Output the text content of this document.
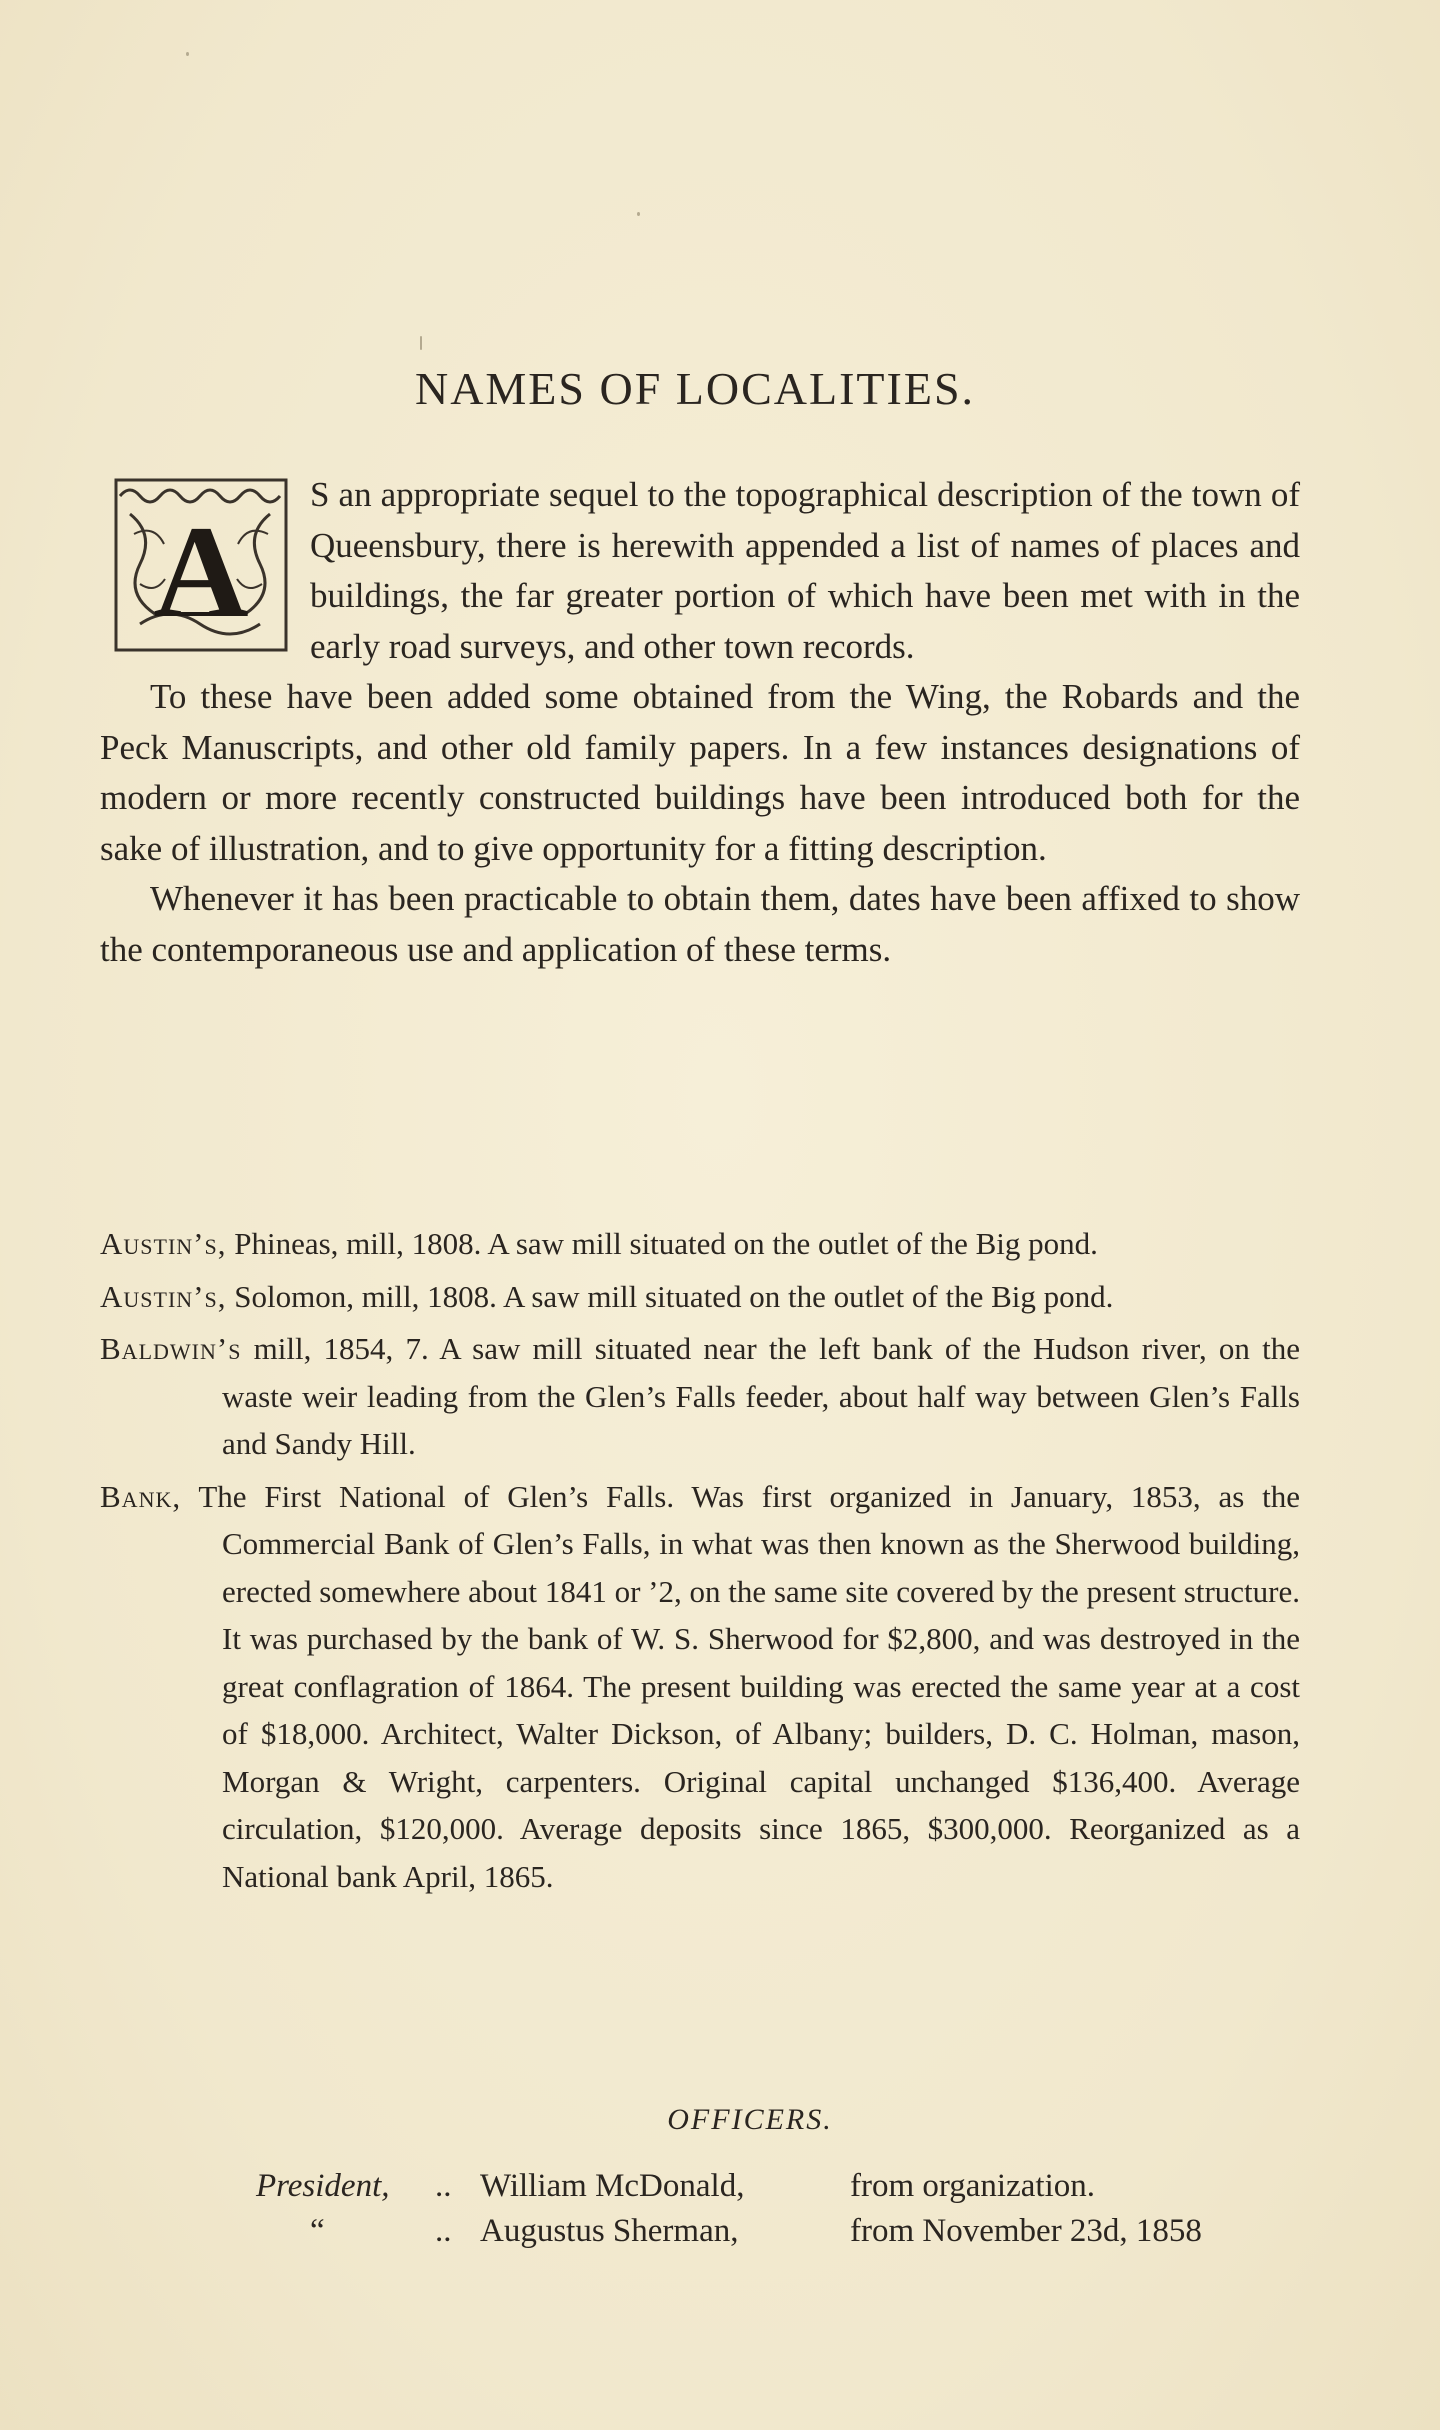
NAMES OF LOCALITIES.

A
S an appropriate sequel to the topographical description of the town of Queensbury, there is herewith appended a list of names of places and buildings, the far greater portion of which have been met with in the early road surveys, and other town records.

To these have been added some obtained from the Wing, the Robards and the Peck Manuscripts, and other old family papers. In a few instances designations of modern or more recently constructed buildings have been introduced both for the sake of illustration, and to give opportunity for a fitting description.

Whenever it has been practicable to obtain them, dates have been affixed to show the contemporaneous use and application of these terms.

Austin’s, Phineas, mill, 1808. A saw mill situated on the outlet of the Big pond.

Austin’s, Solomon, mill, 1808. A saw mill situated on the outlet of the Big pond.

Baldwin’s mill, 1854, 7. A saw mill situated near the left bank of the Hudson river, on the waste weir leading from the Glen’s Falls feeder, about half way between Glen’s Falls and Sandy Hill.

Bank, The First National of Glen’s Falls. Was first organized in January, 1853, as the Commercial Bank of Glen’s Falls, in what was then known as the Sherwood building, erected somewhere about 1841 or ’2, on the same site covered by the present structure. It was purchased by the bank of W. S. Sherwood for $2,800, and was destroyed in the great conflagration of 1864. The present building was erected the same year at a cost of $18,000. Architect, Walter Dickson, of Albany; builders, D. C. Holman, mason, Morgan & Wright, carpenters. Original capital unchanged $136,400. Average circulation, $120,000. Average deposits since 1865, $300,000. Reorganized as a National bank April, 1865.

OFFICERS.
President, .. William McDonald,	from organization.
“	.. Augustus Sherman,	from November 23d, 1858
